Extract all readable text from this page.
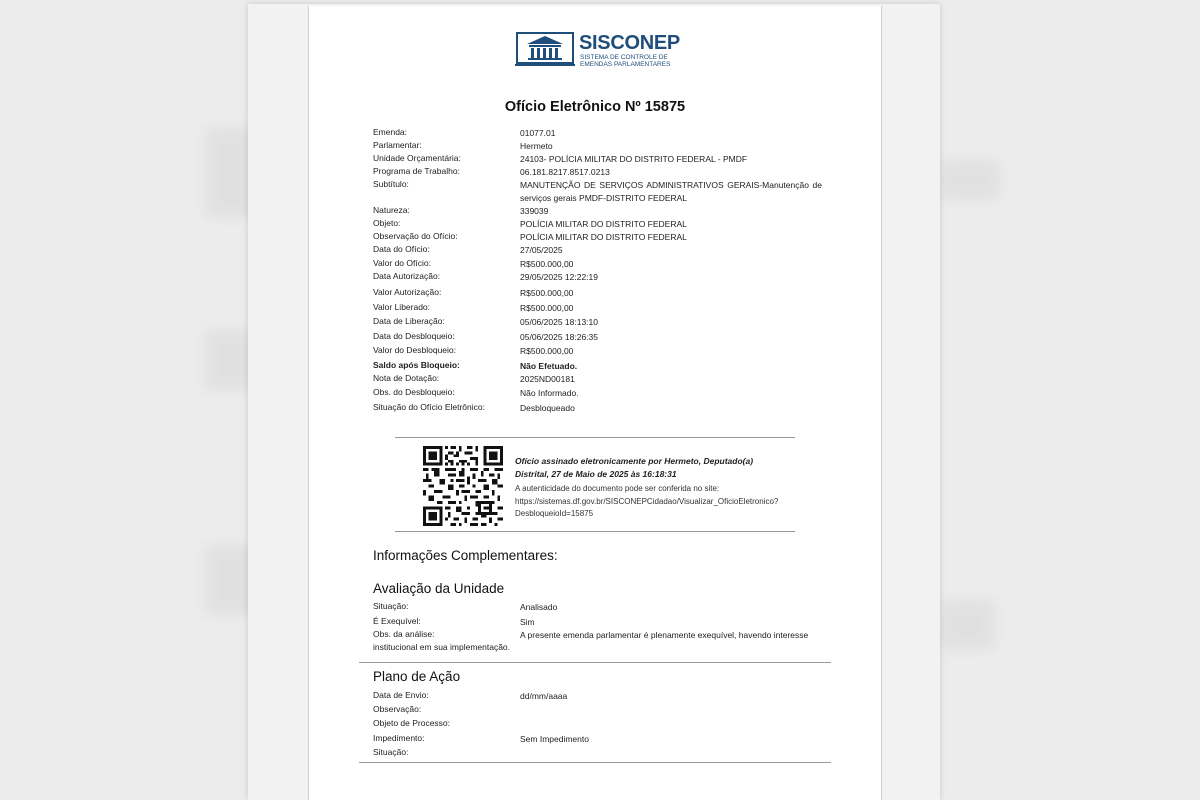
SISCONEP
SISTEMA DE CONTROLE DE EMENDAS PARLAMENTARES
Ofício Eletrônico Nº 15875
Emenda:	01077.01
Parlamentar:	Hermeto
Unidade Orçamentária:	24103- POLÍCIA MILITAR DO DISTRITO FEDERAL - PMDF
Programa de Trabalho:	06.181.8217.8517.0213
Subtítulo:	MANUTENÇÃO DE SERVIÇOS ADMINISTRATIVOS GERAIS-Manutenção de serviços gerais PMDF-DISTRITO FEDERAL
Natureza:	339039
Objeto:	POLÍCIA MILITAR DO DISTRITO FEDERAL
Observação do Ofício:	POLÍCIA MILITAR DO DISTRITO FEDERAL
Data do Ofício:	27/05/2025
Valor do Ofício:	R$500.000,00
Data Autorização:	29/05/2025 12:22:19
Valor Autorização:	R$500.000,00
Valor Liberado:	R$500.000,00
Data de Liberação:	05/06/2025 18:13:10
Data do Desbloqueio:	05/06/2025 18:26:35
Valor do Desbloqueio:	R$500.000,00
Saldo após Bloqueio:	Não Efetuado.
Nota de Dotação:	2025ND00181
Obs. do Desbloqueio:	Não Informado.
Situação do Ofício Eletrônico:	Desbloqueado
Ofício assinado eletronicamente por Hermeto, Deputado(a) Distrital, 27 de Maio de 2025 às 16:18:31
A autenticidade do documento pode ser conferida no site: https://sistemas.df.gov.br/SISCONEPCidadao/Visualizar_OficioEletronico?DesbloqueioId=15875
Informações Complementares:
Avaliação da Unidade
Situação:	Analisado
É Exequível:	Sim
Obs. da análise:	A presente emenda parlamentar é plenamente exequível, havendo interesse
institucional em sua implementação.
Plano de Ação
Data de Envio:	dd/mm/aaaa
Observação:
Objeto de Processo:
Impedimento:	Sem Impedimento
Situação:
